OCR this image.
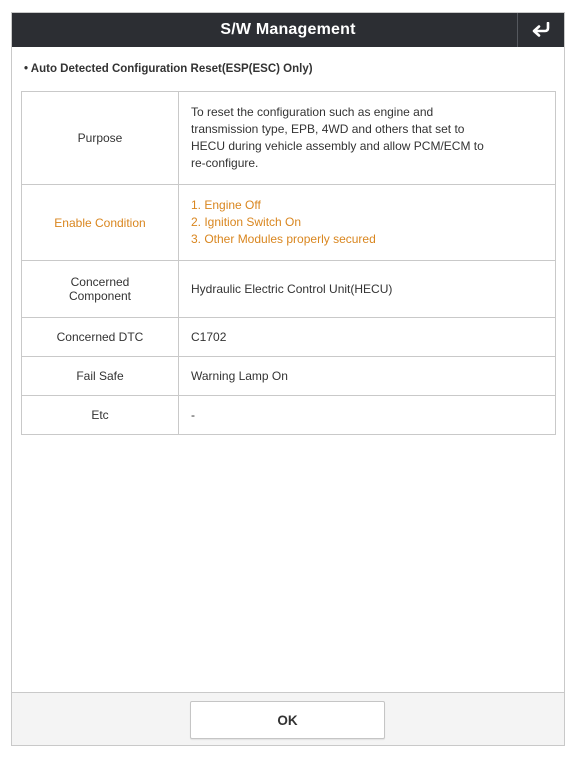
S/W Management
• Auto Detected Configuration Reset(ESP(ESC) Only)
Purpose	To reset the configuration such as engine and
transmission type, EPB, 4WD and others that set to
HECU during vehicle assembly and allow PCM/ECM to
re-configure.

Enable Condition	1. Engine Off
2. Ignition Switch On
3. Other Modules properly secured

Concerned
Component	Hydraulic Electric Control Unit(HECU)
Concerned DTC	C1702
Fail Safe	Warning Lamp On
Etc	-
OK
